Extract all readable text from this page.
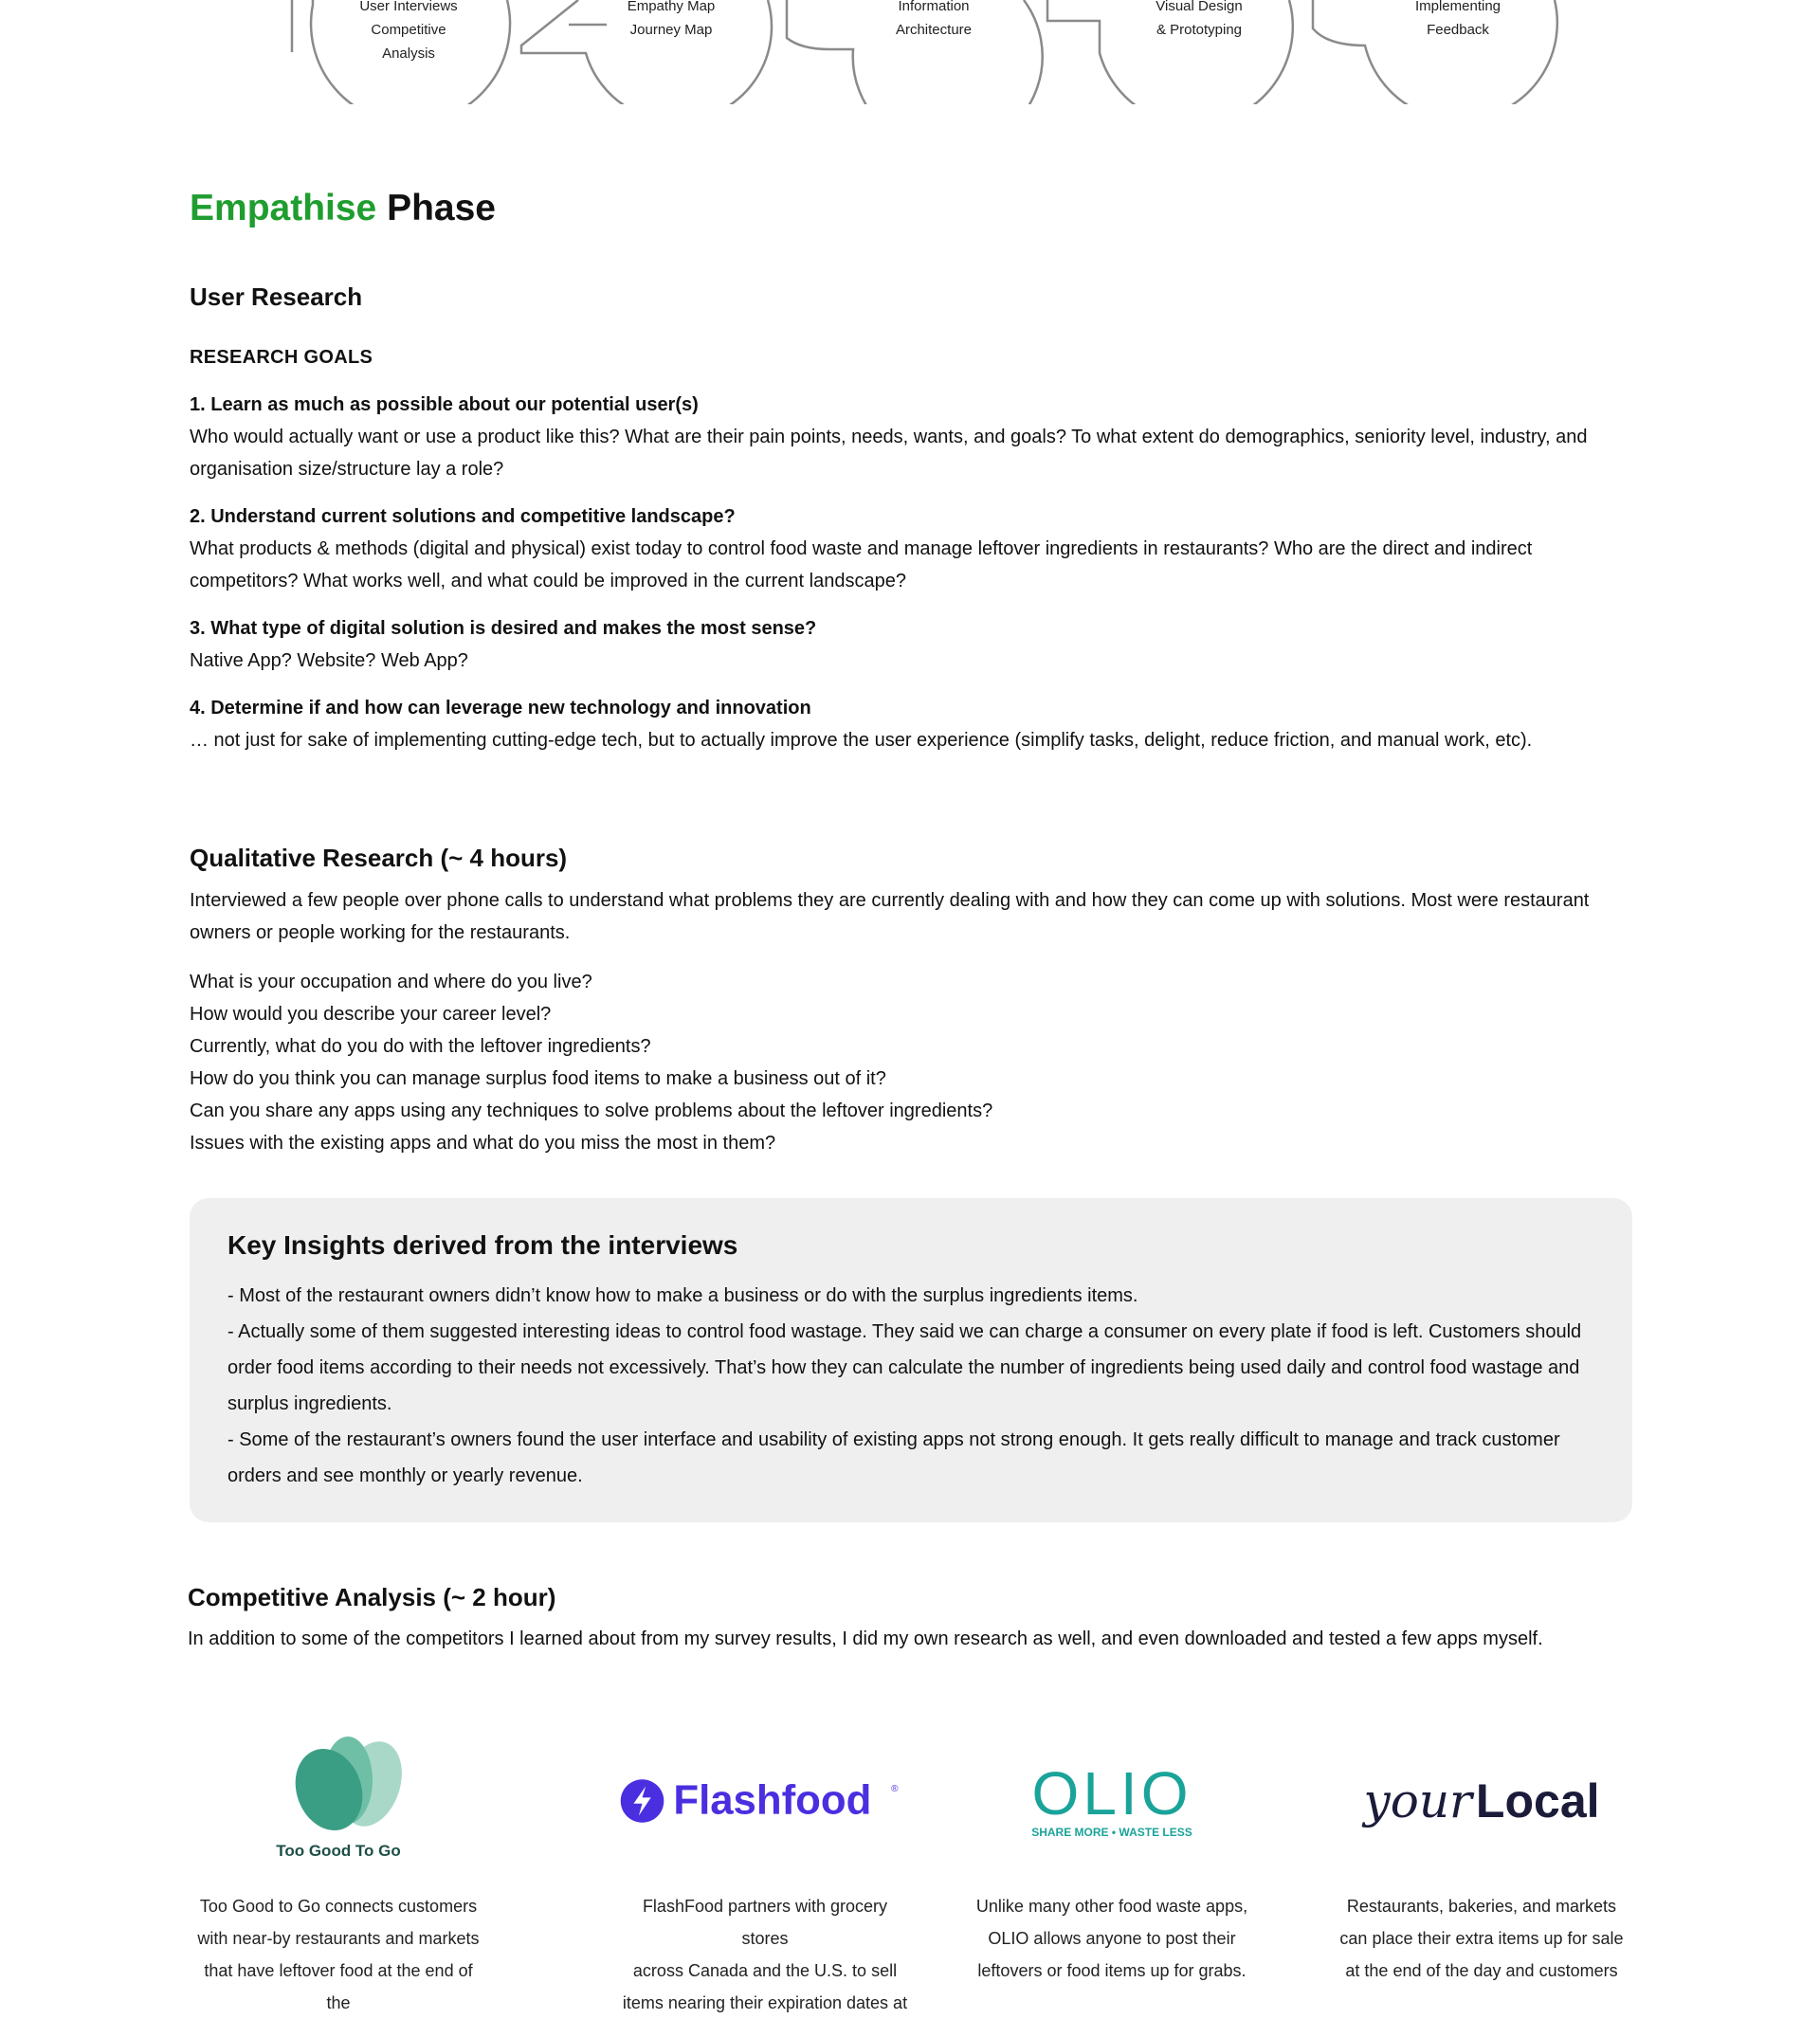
User Interviews
Competitive
Analysis
Empathy Map
Journey Map
Information
Architecture
Visual Design
& Prototyping
Implementing
Feedback
Empathise Phase
User Research
RESEARCH GOALS
1. Learn as much as possible about our potential user(s)
Who would actually want or use a product like this? What are their pain points, needs, wants, and goals? To what extent do demographics, seniority level, industry, and organisation size/structure lay a role?
2. Understand current solutions and competitive landscape?
What products & methods (digital and physical) exist today to control food waste and manage leftover ingredients in restaurants? Who are the direct and indirect competitors? What works well, and what could be improved in the current landscape?
3. What type of digital solution is desired and makes the most sense?
Native App? Website? Web App?
4. Determine if and how can leverage new technology and innovation
… not just for sake of implementing cutting-edge tech, but to actually improve the user experience (simplify tasks, delight, reduce friction, and manual work, etc).
Qualitative Research (~ 4 hours)
Interviewed a few people over phone calls to understand what problems they are currently dealing with and how they can come up with solutions. Most were restaurant owners or people working for the restaurants.
What is your occupation and where do you live?
How would you describe your career level?
Currently, what do you do with the leftover ingredients?
How do you think you can manage surplus food items to make a business out of it?
Can you share any apps using any techniques to solve problems about the leftover ingredients?
Issues with the existing apps and what do you miss the most in them?
Key Insights derived from the interviews

- Most of the restaurant owners didn’t know how to make a business or do with the surplus ingredients items.

- Actually some of them suggested interesting ideas to control food wastage. They said we can charge a consumer on every plate if food is left. Customers should order food items according to their needs not excessively. That’s how they can calculate the number of ingredients being used daily and control food wastage and surplus ingredients.

- Some of the restaurant’s owners found the user interface and usability of existing apps not strong enough. It gets really difficult to manage and track customer orders and see monthly or yearly revenue.

Competitive Analysis (~ 2 hour)
In addition to some of the competitors I learned about from my survey results, I did my own research as well, and even downloaded and tested a few apps myself.
Too Good To Go
Too Good to Go connects customers
with near-by restaurants and markets
that have leftover food at the end of the
Flashfood ®
FlashFood partners with grocery stores
across Canada and the U.S. to sell
items nearing their expiration dates at
OLIO
SHARE MORE • WASTE LESS
Unlike many other food waste apps,
OLIO allows anyone to post their
leftovers or food items up for grabs.
your Local
Restaurants, bakeries, and markets
can place their extra items up for sale
at the end of the day and customers
